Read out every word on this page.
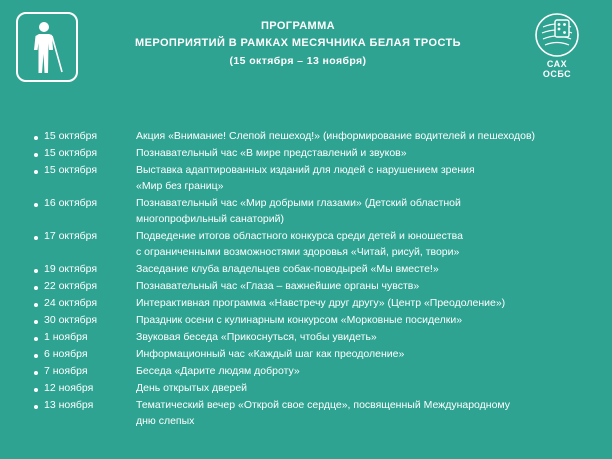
ПРОГРАММА
МЕРОПРИЯТИЙ В РАМКАХ МЕСЯЧНИКА БЕЛАЯ ТРОСТЬ
(15 октября – 13 ноября)	САХ
ОСБС
15 октября	Акция «Внимание! Слепой пешеход!» (информирование водителей и пешеходов)
15 октября	Познавательный час «В мире представлений и звуков»
15 октября	Выставка адаптированных изданий для людей с нарушением зрения
«Мир без границ»
16 октября	Познавательный час «Мир добрыми глазами» (Детский областной
многопрофильный санаторий)
17 октября	Подведение итогов областного конкурса среди детей и юношества
с ограниченными возможностями здоровья «Читай, рисуй, твори»
19 октября	Заседание клуба владельцев собак-поводырей «Мы вместе!»
22 октября	Познавательный час «Глаза – важнейшие органы чувств»
24 октября	Интерактивная программа «Навстречу друг другу» (Центр «Преодоление»)
30 октября	Праздник осени с кулинарным конкурсом «Морковные посиделки»
1 ноября	Звуковая беседа «Прикоснуться, чтобы увидеть»
6 ноября	Информационный час «Каждый шаг как преодоление»
7 ноября	Беседа «Дарите людям доброту»
12 ноября	День открытых дверей
13 ноября	Тематический вечер «Открой свое сердце», посвященный Международному
дню слепых
